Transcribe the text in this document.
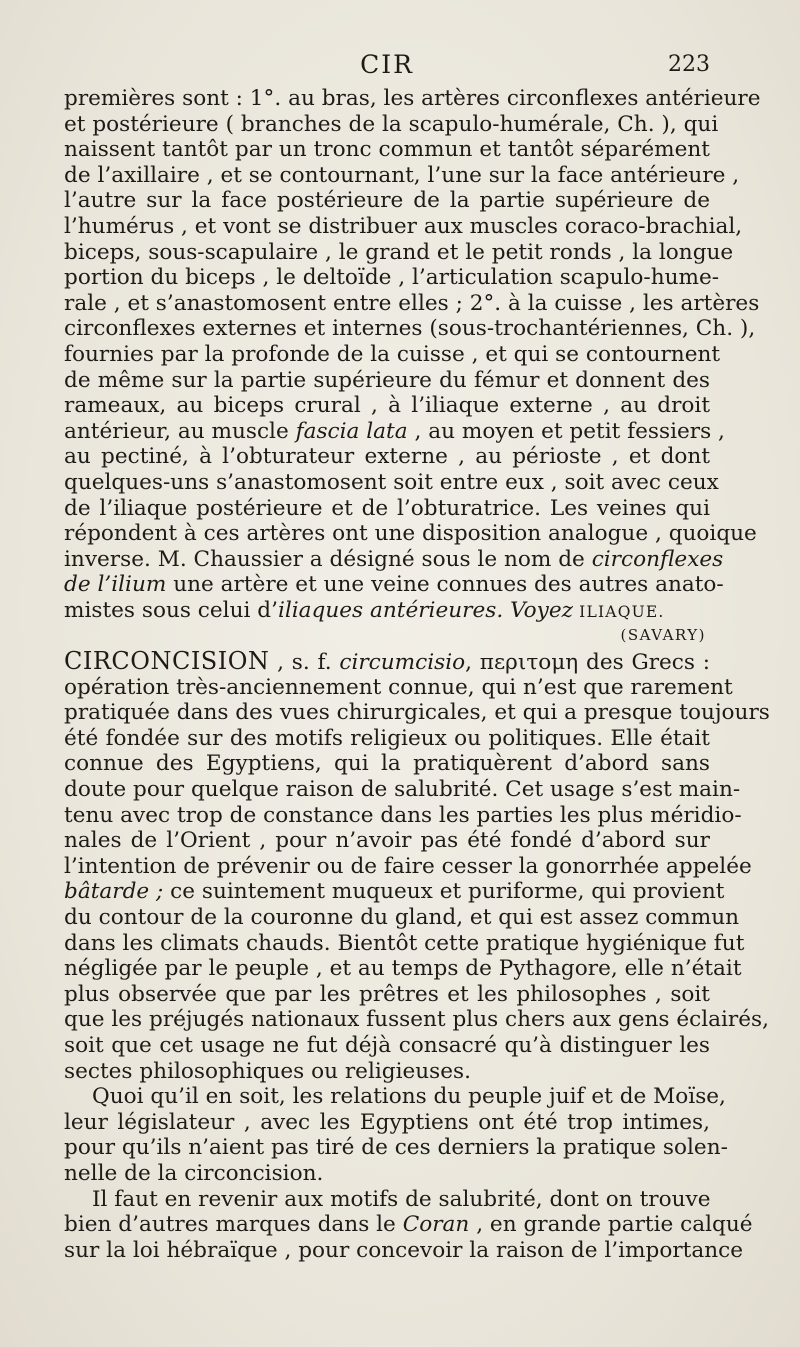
CIR	223
premières sont : 1°. au bras, les artères circonflexes antérieure
et postérieure ( branches de la scapulo-humérale, Ch. ), qui
naissent tantôt par un tronc commun et tantôt séparément
de l’axillaire , et se contournant, l’une sur la face antérieure ,
l’autre sur la face postérieure de la partie supérieure de
l’humérus , et vont se distribuer aux muscles coraco-brachial,
biceps, sous-scapulaire , le grand et le petit ronds , la longue
portion du biceps , le deltoïde , l’articulation scapulo-hume-
rale , et s’anastomosent entre elles ; 2°. à la cuisse , les artères
circonflexes externes et internes (sous-trochantériennes, Ch. ),
fournies par la profonde de la cuisse , et qui se contournent
de même sur la partie supérieure du fémur et donnent des
rameaux, au biceps crural , à l’iliaque externe , au droit
antérieur, au muscle fascia lata , au moyen et petit fessiers ,
au pectiné, à l’obturateur externe , au périoste , et dont
quelques-uns s’anastomosent soit entre eux , soit avec ceux
de l’iliaque postérieure et de l’obturatrice. Les veines qui
répondent à ces artères ont une disposition analogue , quoique
inverse. M. Chaussier a désigné sous le nom de circonflexes
de l’ilium une artère et une veine connues des autres anato-
mistes sous celui d’iliaques antérieures. Voyez ILIAQUE.
(SAVARY)
CIRCONCISION , s. f. circumcisio, περιτομη des Grecs :
opération très-anciennement connue, qui n’est que rarement
pratiquée dans des vues chirurgicales, et qui a presque toujours
été fondée sur des motifs religieux ou politiques. Elle était
connue des Egyptiens, qui la pratiquèrent d’abord sans
doute pour quelque raison de salubrité. Cet usage s’est main-
tenu avec trop de constance dans les parties les plus méridio-
nales de l’Orient , pour n’avoir pas été fondé d’abord sur
l’intention de prévenir ou de faire cesser la gonorrhée appelée
bâtarde ; ce suintement muqueux et puriforme, qui provient
du contour de la couronne du gland, et qui est assez commun
dans les climats chauds. Bientôt cette pratique hygiénique fut
négligée par le peuple , et au temps de Pythagore, elle n’était
plus observée que par les prêtres et les philosophes , soit
que les préjugés nationaux fussent plus chers aux gens éclairés,
soit que cet usage ne fut déjà consacré qu’à distinguer les
sectes philosophiques ou religieuses.
Quoi qu’il en soit, les relations du peuple juif et de Moïse,
leur législateur , avec les Egyptiens ont été trop intimes,
pour qu’ils n’aient pas tiré de ces derniers la pratique solen-
nelle de la circoncision.
Il faut en revenir aux motifs de salubrité, dont on trouve
bien d’autres marques dans le Coran , en grande partie calqué
sur la loi hébraïque , pour concevoir la raison de l’importance
